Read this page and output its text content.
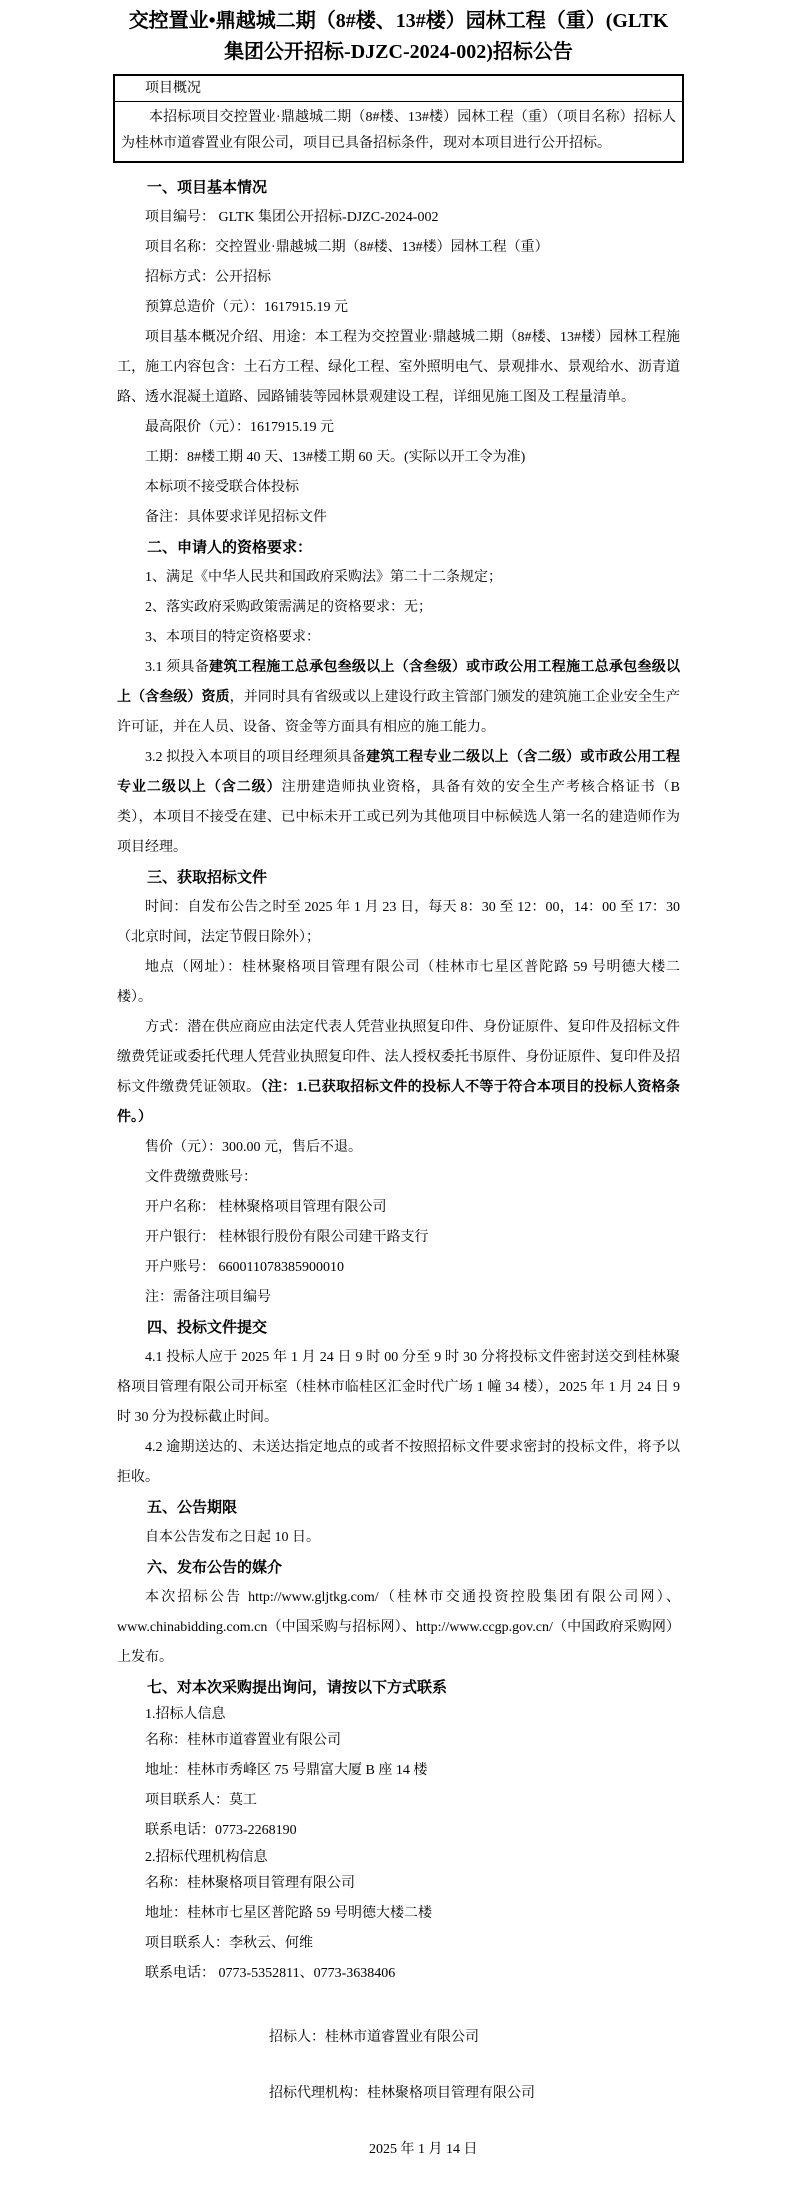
交控置业•鼎越城二期（8#楼、13#楼）园林工程（重）(GLTK 集团公开招标-DJZC-2024-002)招标公告
项目概况
本招标项目交控置业·鼎越城二期（8#楼、13#楼）园林工程（重）（项目名称）招标人为桂林市道睿置业有限公司，项目已具备招标条件，现对本项目进行公开招标。

一、项目基本情况

项目编号： GLTK 集团公开招标-DJZC-2024-002

项目名称：交控置业·鼎越城二期（8#楼、13#楼）园林工程（重）

招标方式：公开招标

预算总造价（元）：1617915.19 元

项目基本概况介绍、用途：本工程为交控置业·鼎越城二期（8#楼、13#楼）园林工程施工，施工内容包含：土石方工程、绿化工程、室外照明电气、景观排水、景观给水、沥青道路、透水混凝土道路、园路铺装等园林景观建设工程，详细见施工图及工程量清单。

最高限价（元）：1617915.19 元

工期：8#楼工期 40 天、13#楼工期 60 天。(实际以开工令为准)

本标项不接受联合体投标

备注：具体要求详见招标文件

二、申请人的资格要求：

1、满足《中华人民共和国政府采购法》第二十二条规定；

2、落实政府采购政策需满足的资格要求：无；

3、本项目的特定资格要求：

3.1 须具备建筑工程施工总承包叁级以上（含叁级）或市政公用工程施工总承包叁级以上（含叁级）资质，并同时具有省级或以上建设行政主管部门颁发的建筑施工企业安全生产许可证，并在人员、设备、资金等方面具有相应的施工能力。

3.2 拟投入本项目的项目经理须具备建筑工程专业二级以上（含二级）或市政公用工程专业二级以上（含二级）注册建造师执业资格，具备有效的安全生产考核合格证书（B 类），本项目不接受在建、已中标未开工或已列为其他项目中标候选人第一名的建造师作为项目经理。

三、获取招标文件

时间：自发布公告之时至 2025 年 1 月 23 日，每天 8：30 至 12：00，14：00 至 17：30（北京时间，法定节假日除外）；

地点（网址）：桂林聚格项目管理有限公司（桂林市七星区普陀路 59 号明德大楼二楼）。

方式：潜在供应商应由法定代表人凭营业执照复印件、身份证原件、复印件及招标文件缴费凭证或委托代理人凭营业执照复印件、法人授权委托书原件、身份证原件、复印件及招标文件缴费凭证领取。（注：1.已获取招标文件的投标人不等于符合本项目的投标人资格条件。）

售价（元）：300.00 元，售后不退。

文件费缴费账号：

开户名称： 桂林聚格项目管理有限公司

开户银行： 桂林银行股份有限公司建干路支行

开户账号： 660011078385900010

注：需备注项目编号

四、投标文件提交

4.1 投标人应于 2025 年 1 月 24 日 9 时 00 分至 9 时 30 分将投标文件密封送交到桂林聚格项目管理有限公司开标室（桂林市临桂区汇金时代广场 1 幢 34 楼），2025 年 1 月 24 日 9 时 30 分为投标截止时间。

4.2 逾期送达的、未送达指定地点的或者不按照招标文件要求密封的投标文件，将予以拒收。

五、公告期限

自本公告发布之日起 10 日。

六、发布公告的媒介

本次招标公告 http://www.gljtkg.com/（桂林市交通投资控股集团有限公司网）、www.chinabidding.com.cn（中国采购与招标网）、http://www.ccgp.gov.cn/（中国政府采购网）上发布。

七、对本次采购提出询问，请按以下方式联系

1.招标人信息

名称：桂林市道睿置业有限公司

地址：桂林市秀峰区 75 号鼎富大厦 B 座 14 楼

项目联系人：莫工

联系电话：0773-2268190

2.招标代理机构信息

名称：桂林聚格项目管理有限公司

地址：桂林市七星区普陀路 59 号明德大楼二楼

项目联系人：李秋云、何维

联系电话： 0773-5352811、0773-3638406

招标人：桂林市道睿置业有限公司
招标代理机构：桂林聚格项目管理有限公司
2025 年 1 月 14 日
